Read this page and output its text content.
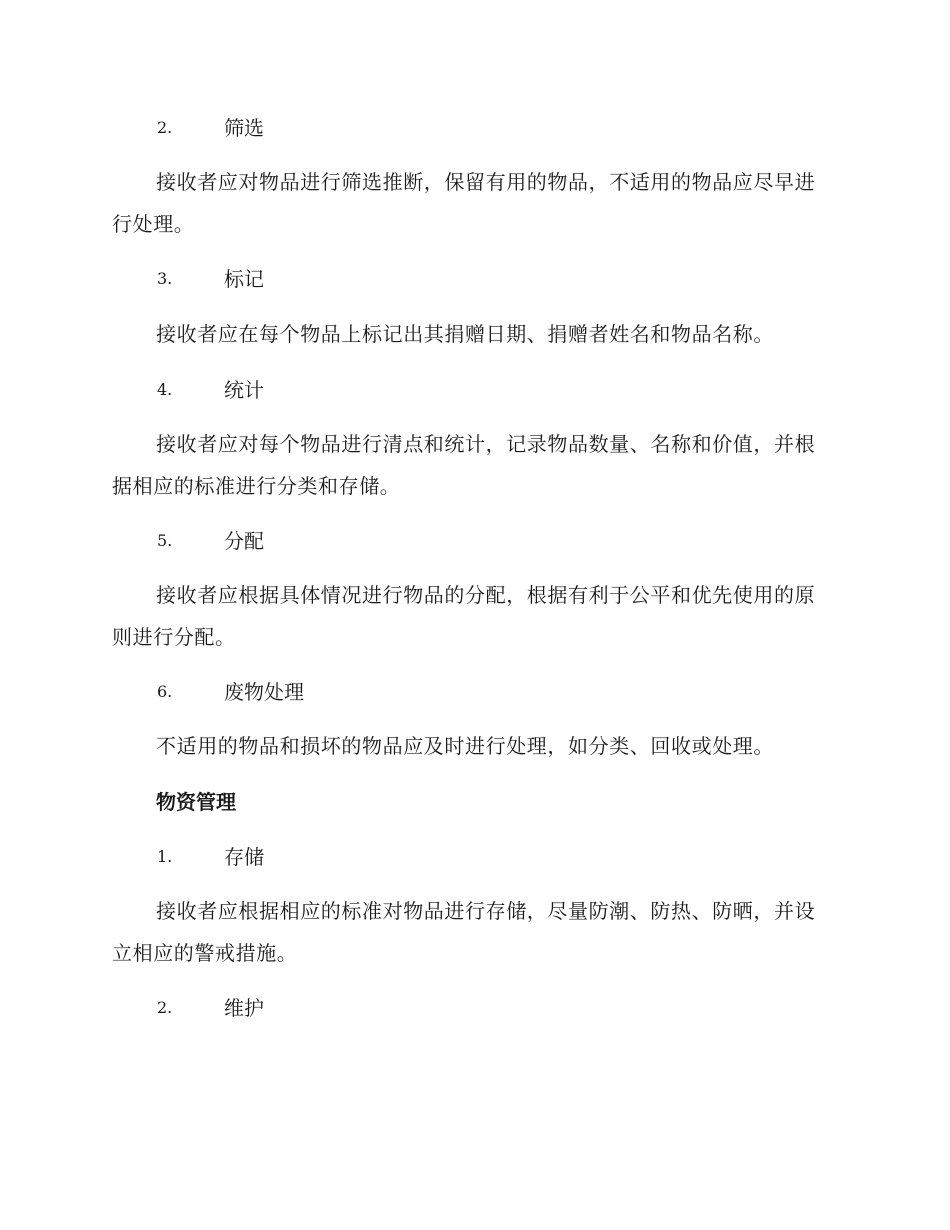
2.	筛选

接收者应对物品进行筛选推断，保留有用的物品，不适用的物品应尽早进行处理。

3.	标记

接收者应在每个物品上标记出其捐赠日期、捐赠者姓名和物品名称。

4.	统计

接收者应对每个物品进行清点和统计，记录物品数量、名称和价值，并根据相应的标准进行分类和存储。

5.	分配

接收者应根据具体情况进行物品的分配，根据有利于公平和优先使用的原则进行分配。

6.	废物处理

不适用的物品和损坏的物品应及时进行处理，如分类、回收或处理。

物资管理
1.	存储

接收者应根据相应的标准对物品进行存储，尽量防潮、防热、防晒，并设立相应的警戒措施。

2.	维护
